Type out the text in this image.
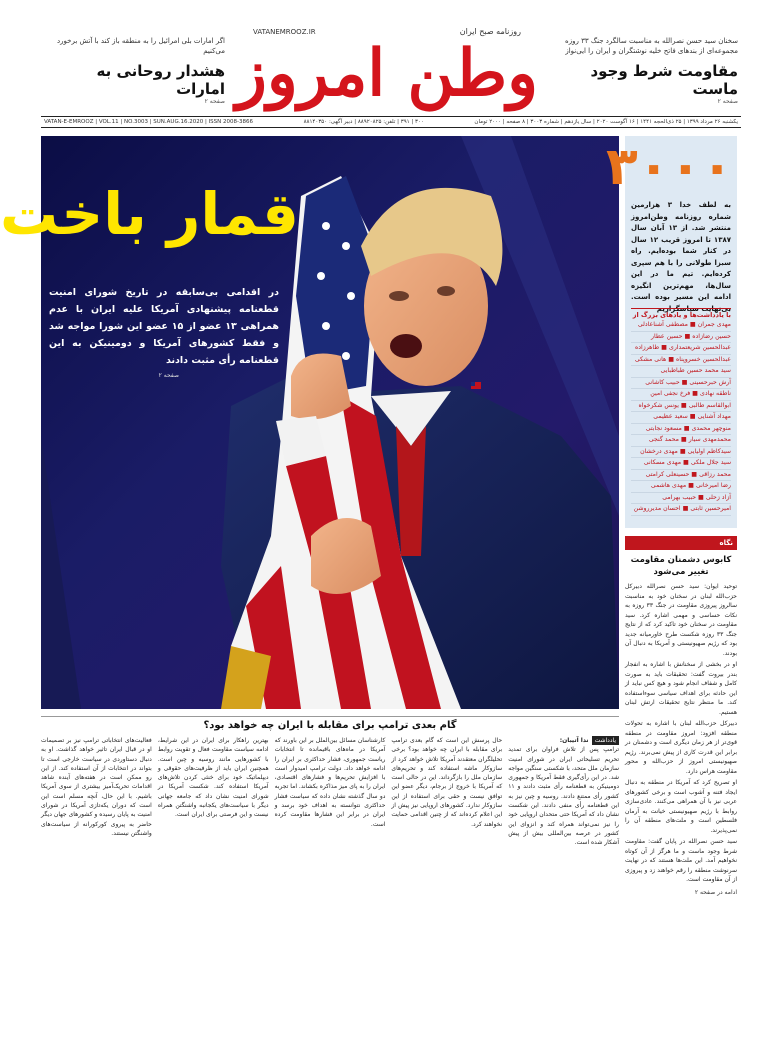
VATANEMROOZ.IR	روزنامه صبح ایران
وطن امروز	سخنان سید حسن نصرالله به مناسبت سالگرد جنگ ۳۳ روزه مجموعه‌ای از بندهای فاتح خلیه نوشتگران و ایران را ایی‌نواز
مقاومت شرط وجود ماست
صفحه ۲
اگر امارات بلی امرائیل را به منطقه باز کند با آتش برخورد می‌کنیم
هشدار روحانی به امارات
صفحه ۲
یکشنبه ۲۶ مرداد ۱۳۹۹ | ۲۵ ذی‌الحجه ۱۴۴۱ | ۱۶ آگوست ۲۰۲۰ | سال یازدهم | شماره ۳۰۰۳ | ۸ صفحه | ۲۰۰۰ تومان
۳۰۰ | ۳۹۱ | تلفن: ۸۸۹۲۰۸۲۵ | دبیر آگهی: ۸۸۱۴۰۳۵۰
VATAN-E-EMROOZ | VOL.11 | NO.3003 | SUN.AUG.16.2020 | ISSN 2008-3866
قمار باخت
در اقدامی بی‌سابقه در تاریخ شورای امنیت قطعنامه پیشنهادی آمریکا علیه ایران با عدم همراهی ۱۳ عضو از ۱۵ عضو این شورا مواجه شد و فقط کشورهای آمریکا و دومینیکن به این قطعنامه رأی مثبت دادند
صفحه ۲
۳۰۰۰
به لطف خدا ۳ هزارمین شماره روزنامه وطن‌امروز منتشر شد. از ۱۳ آبان سال ۱۳۸۷ تا امروز قریب ۱۲ سال در کنار شما بوده‌ایم. راه سبزا طولانی را با هم سپری کرده‌ایم. تیم ما در این سال‌ها، مهم‌ترین انگیزه ادامه این مسیر بوده است. بی‌نهایت سپاسگزاریم
با یادداشت‌ها و یادهای بزرگ از
مهدی جمران ■ مصطفی آشنا‌عادلی
حسین رضازاده ■ حسین عطار
عبدالحسین شریعتمداری ■ طاهرزاده
عبدالحسین خسروپناه ■ هانی مشکی
سید محمد حسین طباطبایی
آرش حبرحسینی ■ حبیب کاشانی
ناطقه نهادی ■ فرخ نجفی امین
ابوالقاسم طالبی ■ یونس شکرخواه
مهداد آشنایی ■ سعید عظیمی
منوچهر محمدی ■ مسعود نجابتی
محمدمهدی سیار ■ محمد گنجی
سیدکاظم اولیایی ■ مهدی درخشان
سید جلال ملکی ■ مهدی مسکانی
محمد رزاقی ■ حسینعلی کرامتی
رضا امیرخانی ■ مهدی هاشمی
آزاد زحلی ■ حبیب بهرامی
امیرحسین ثابتی ■ احسان مدیرروشن
نگاه
کابوس دشمنان مقاومت تغییر می‌شود

توحید ایوان: سید حسن نصرالله دبیرکل حزب‌الله لبنان در سخنان خود به مناسبت سالروز پیروزی مقاومت در جنگ ۳۳ روزه به نکات حساسی و مهمی اشاره کرد. سید مقاومت در سخنان خود تاکید کرد که از نتایج جنگ ۳۳ روزه شکست طرح خاورمیانه جدید بود که رژیم صهیونیستی و آمریکا به دنبال آن بودند.

او در بخشی از سخنانش با اشاره به انفجار بندر بیروت گفت: تحقیقات باید به صورت کامل و شفاف انجام شود و هیچ کس نباید از این حادثه برای اهداف سیاسی سوءاستفاده کند. ما منتظر نتایج تحقیقات ارتش لبنان هستیم.

دبیرکل حزب‌الله لبنان با اشاره به تحولات منطقه افزود: امروز مقاومت در منطقه قوی‌تر از هر زمان دیگری است و دشمنان در برابر این قدرت کاری از پیش نمی‌برند. رژیم صهیونیستی امروز از حزب‌الله و محور مقاومت هراس دارد.

او تصریح کرد که آمریکا در منطقه به دنبال ایجاد فتنه و آشوب است و برخی کشورهای عربی نیز با آن همراهی می‌کنند. عادی‌سازی روابط با رژیم صهیونیستی خیانت به آرمان فلسطین است و ملت‌های منطقه آن را نمی‌پذیرند.

سید حسن نصرالله در پایان گفت: مقاومت شرط وجود ماست و ما هرگز از آن کوتاه نخواهیم آمد. این ملت‌ها هستند که در نهایت سرنوشت منطقه را رقم خواهند زد و پیروزی از آن مقاومت است.

ادامه در صفحه ۲
گام بعدی ترامپ برای مقابله با ایران چه خواهد بود؟
یادداشتندا آتیبان:

ترامپ پس از تلاش فراوان برای تمدید تحریم تسلیحاتی ایران در شورای امنیت سازمان ملل متحد، با شکستی سنگین مواجه شد. در این رأی‌گیری فقط آمریکا و جمهوری دومینیکن به قطعنامه رأی مثبت دادند و ۱۱ کشور رأی ممتنع دادند. روسیه و چین نیز به این قطعنامه رأی منفی دادند. این شکست نشان داد که آمریکا حتی متحدان اروپایی خود را نیز نمی‌تواند همراه کند و انزوای این کشور در عرصه بین‌المللی بیش از پیش آشکار شده است.

حال پرسش این است که گام بعدی ترامپ برای مقابله با ایران چه خواهد بود؟ برخی تحلیلگران معتقدند آمریکا تلاش خواهد کرد از سازوکار ماشه استفاده کند و تحریم‌های سازمان ملل را بازگرداند. این در حالی است که آمریکا با خروج از برجام، دیگر عضو این توافق نیست و حقی برای استفاده از این سازوکار ندارد. کشورهای اروپایی نیز پیش از این اعلام کرده‌اند که از چنین اقدامی حمایت نخواهند کرد.

کارشناسان مسائل بین‌الملل بر این باورند که آمریکا در ماه‌های باقیمانده تا انتخابات ریاست جمهوری، فشار حداکثری بر ایران را ادامه خواهد داد. دولت ترامپ امیدوار است با افزایش تحریم‌ها و فشارهای اقتصادی، ایران را به پای میز مذاکره بکشاند. اما تجربه دو سال گذشته نشان داده که سیاست فشار حداکثری نتوانسته به اهداف خود برسد و ایران در برابر این فشارها مقاومت کرده است.

بهترین راهکار برای ایران در این شرایط، ادامه سیاست مقاومت فعال و تقویت روابط با کشورهایی مانند روسیه و چین است. همچنین ایران باید از ظرفیت‌های حقوقی و دیپلماتیک خود برای خنثی کردن تلاش‌های آمریکا استفاده کند. شکست آمریکا در شورای امنیت نشان داد که جامعه جهانی دیگر با سیاست‌های یکجانبه واشنگتن همراه نیست و این فرصتی برای ایران است.

فعالیت‌های انتخاباتی ترامپ نیز بر تصمیمات او در قبال ایران تاثیر خواهد گذاشت. او به دنبال دستاوردی در سیاست خارجی است تا بتواند در انتخابات از آن استفاده کند. از این رو ممکن است در هفته‌های آینده شاهد اقدامات تحریک‌آمیز بیشتری از سوی آمریکا باشیم. با این حال، آنچه مسلم است این است که دوران یکه‌تازی آمریکا در شورای امنیت به پایان رسیده و کشورهای جهان دیگر حاضر به پیروی کورکورانه از سیاست‌های واشنگتن نیستند.
